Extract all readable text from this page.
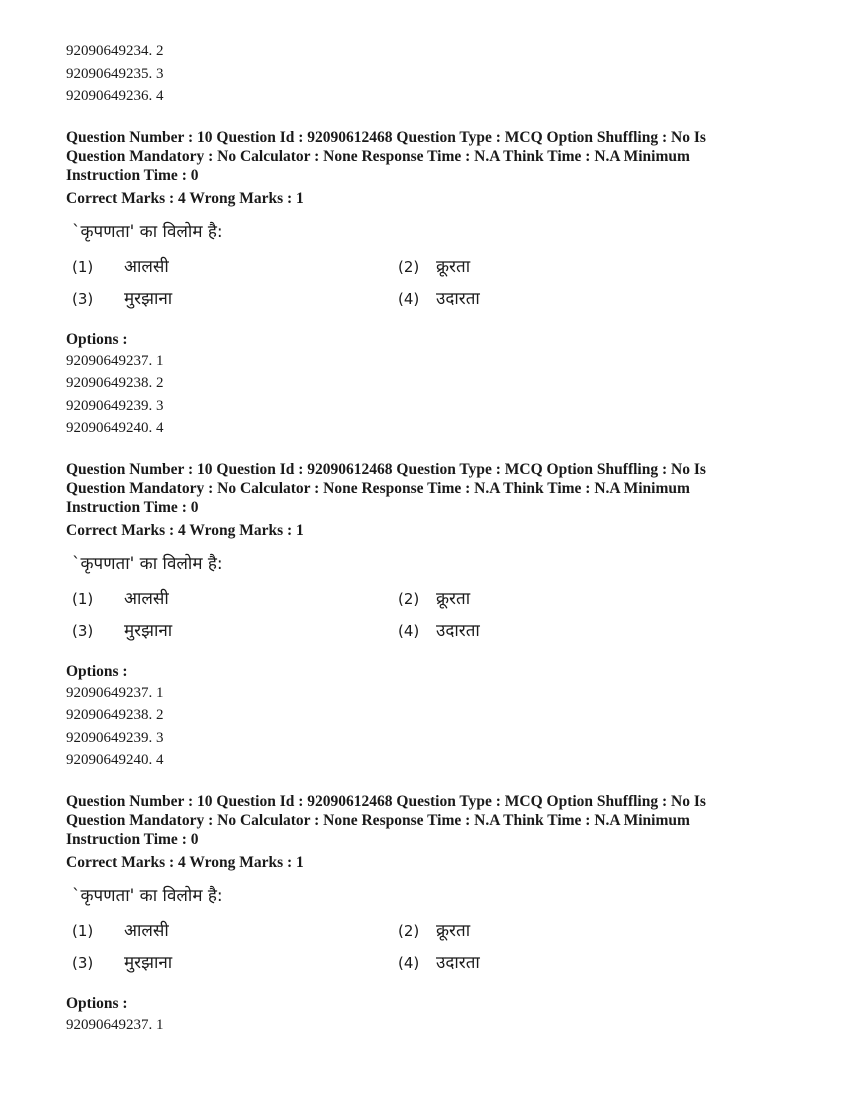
92090649234. 2
92090649235. 3
92090649236. 4
Question Number : 10 Question Id : 92090612468 Question Type : MCQ Option Shuffling : No Is Question Mandatory : No Calculator : None Response Time : N.A Think Time : N.A Minimum Instruction Time : 0
Correct Marks : 4 Wrong Marks : 1
`कृपणता' का विलोम है:
(1) आलसी	(2) क्रूरता
(3) मुरझाना	(4) उदारता
Options :
92090649237. 1
92090649238. 2
92090649239. 3
92090649240. 4
Question Number : 10 Question Id : 92090612468 Question Type : MCQ Option Shuffling : No Is Question Mandatory : No Calculator : None Response Time : N.A Think Time : N.A Minimum Instruction Time : 0
Correct Marks : 4 Wrong Marks : 1
`कृपणता' का विलोम है:
(1) आलसी	(2) क्रूरता
(3) मुरझाना	(4) उदारता
Options :
92090649237. 1
92090649238. 2
92090649239. 3
92090649240. 4
Question Number : 10 Question Id : 92090612468 Question Type : MCQ Option Shuffling : No Is Question Mandatory : No Calculator : None Response Time : N.A Think Time : N.A Minimum Instruction Time : 0
Correct Marks : 4 Wrong Marks : 1
`कृपणता' का विलोम है:
(1) आलसी	(2) क्रूरता
(3) मुरझाना	(4) उदारता
Options :
92090649237. 1
